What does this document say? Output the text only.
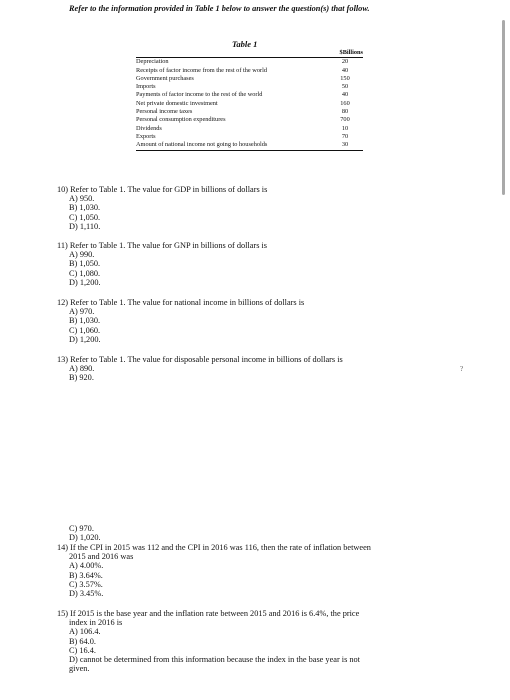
Refer to the information provided in Table 1 below to answer the question(s) that follow.
Table 1
	$Billions
Depreciation	20
Receipts of factor income from the rest of the world	40
Government purchases	150
Imports	50
Payments of factor income to the rest of the world	40
Net private domestic investment	160
Personal income taxes	80
Personal consumption expenditures	700
Dividends	10
Exports	70
Amount of national income not going to households	30
10) Refer to Table 1. The value for GDP in billions of dollars is
A) 950.
B) 1,030.
C) 1,050.
D) 1,110.
11) Refer to Table 1. The value for GNP in billions of dollars is
A) 990.
B) 1,050.
C) 1,080.
D) 1,200.
12) Refer to Table 1. The value for national income in billions of dollars is
A) 970.
B) 1,030.
C) 1,060.
D) 1,200.
13) Refer to Table 1. The value for disposable personal income in billions of dollars is
A) 890.
B) 920.
?
C) 970.
D) 1,020.
14) If the CPI in 2015 was 112 and the CPI in 2016 was 116, then the rate of inflation between
2015 and 2016 was
A) 4.00%.
B) 3.64%.
C) 3.57%.
D) 3.45%.
15) If 2015 is the base year and the inflation rate between 2015 and 2016 is 6.4%, the price
index in 2016 is
A) 106.4.
B) 64.0.
C) 16.4.
D) cannot be determined from this information because the index in the base year is not
given.
